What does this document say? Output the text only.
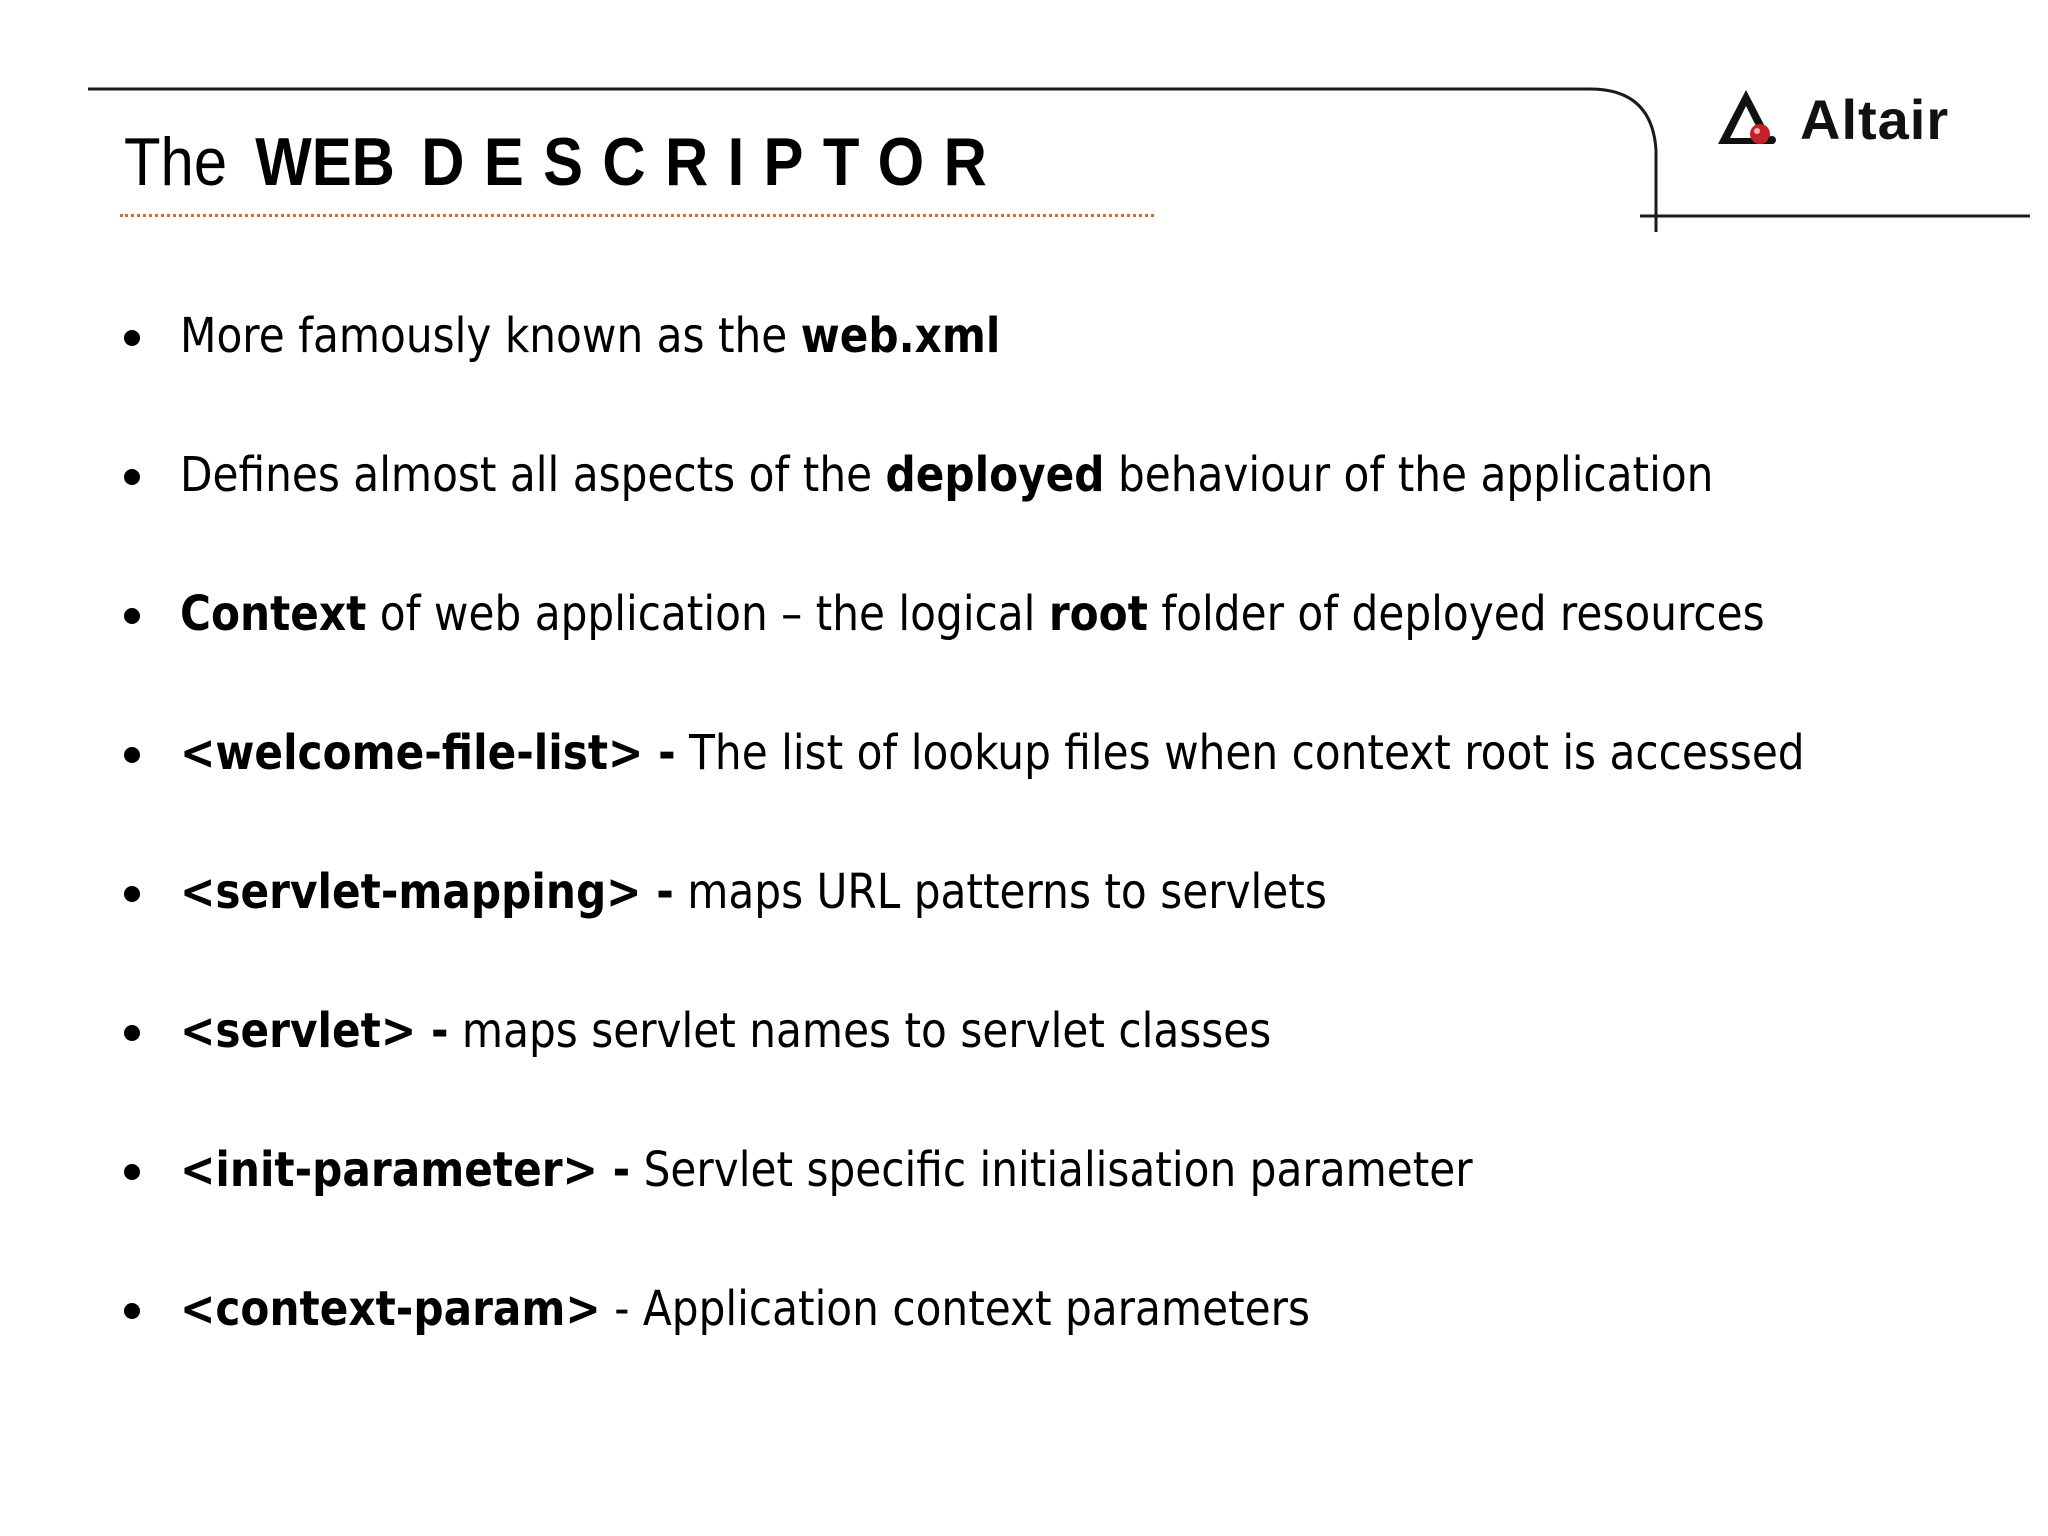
The WEB DESCRIPTOR
Altair
More famously known as the web.xml
Defines almost all aspects of the deployed behaviour of the application
Context of web application – the logical root folder of deployed resources
<welcome-file-list> - The list of lookup files when context root is accessed
<servlet-mapping> - maps URL patterns to servlets
<servlet> - maps servlet names to servlet classes
<init-parameter> - Servlet specific initialisation parameter
<context-param> - Application context parameters
